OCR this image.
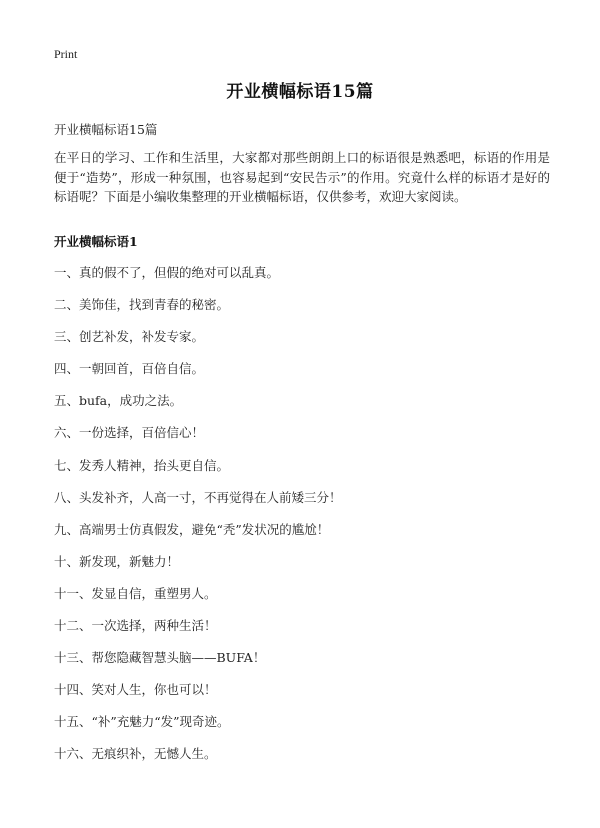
Print
开业横幅标语15篇
开业横幅标语15篇

在平日的学习、工作和生活里，大家都对那些朗朗上口的标语很是熟悉吧，标语的作用是便于“造势”，形成一种氛围，也容易起到“安民告示”的作用。究竟什么样的标语才是好的标语呢？下面是小编收集整理的开业横幅标语，仅供参考，欢迎大家阅读。

开业横幅标语1
一、真的假不了，但假的绝对可以乱真。
二、美饰佳，找到青春的秘密。
三、创艺补发，补发专家。
四、一朝回首，百倍自信。
五、bufa，成功之法。
六、一份选择，百倍信心！
七、发秀人精神，抬头更自信。
八、头发补齐，人高一寸，不再觉得在人前矮三分！
九、高端男士仿真假发，避免“秃”发状况的尴尬！
十、新发现，新魅力！
十一、发显自信，重塑男人。
十二、一次选择，两种生活！
十三、帮您隐藏智慧头脑——BUFA！
十四、笑对人生，你也可以！
十五、“补”充魅力“发”现奇迹。
十六、无痕织补，无憾人生。
